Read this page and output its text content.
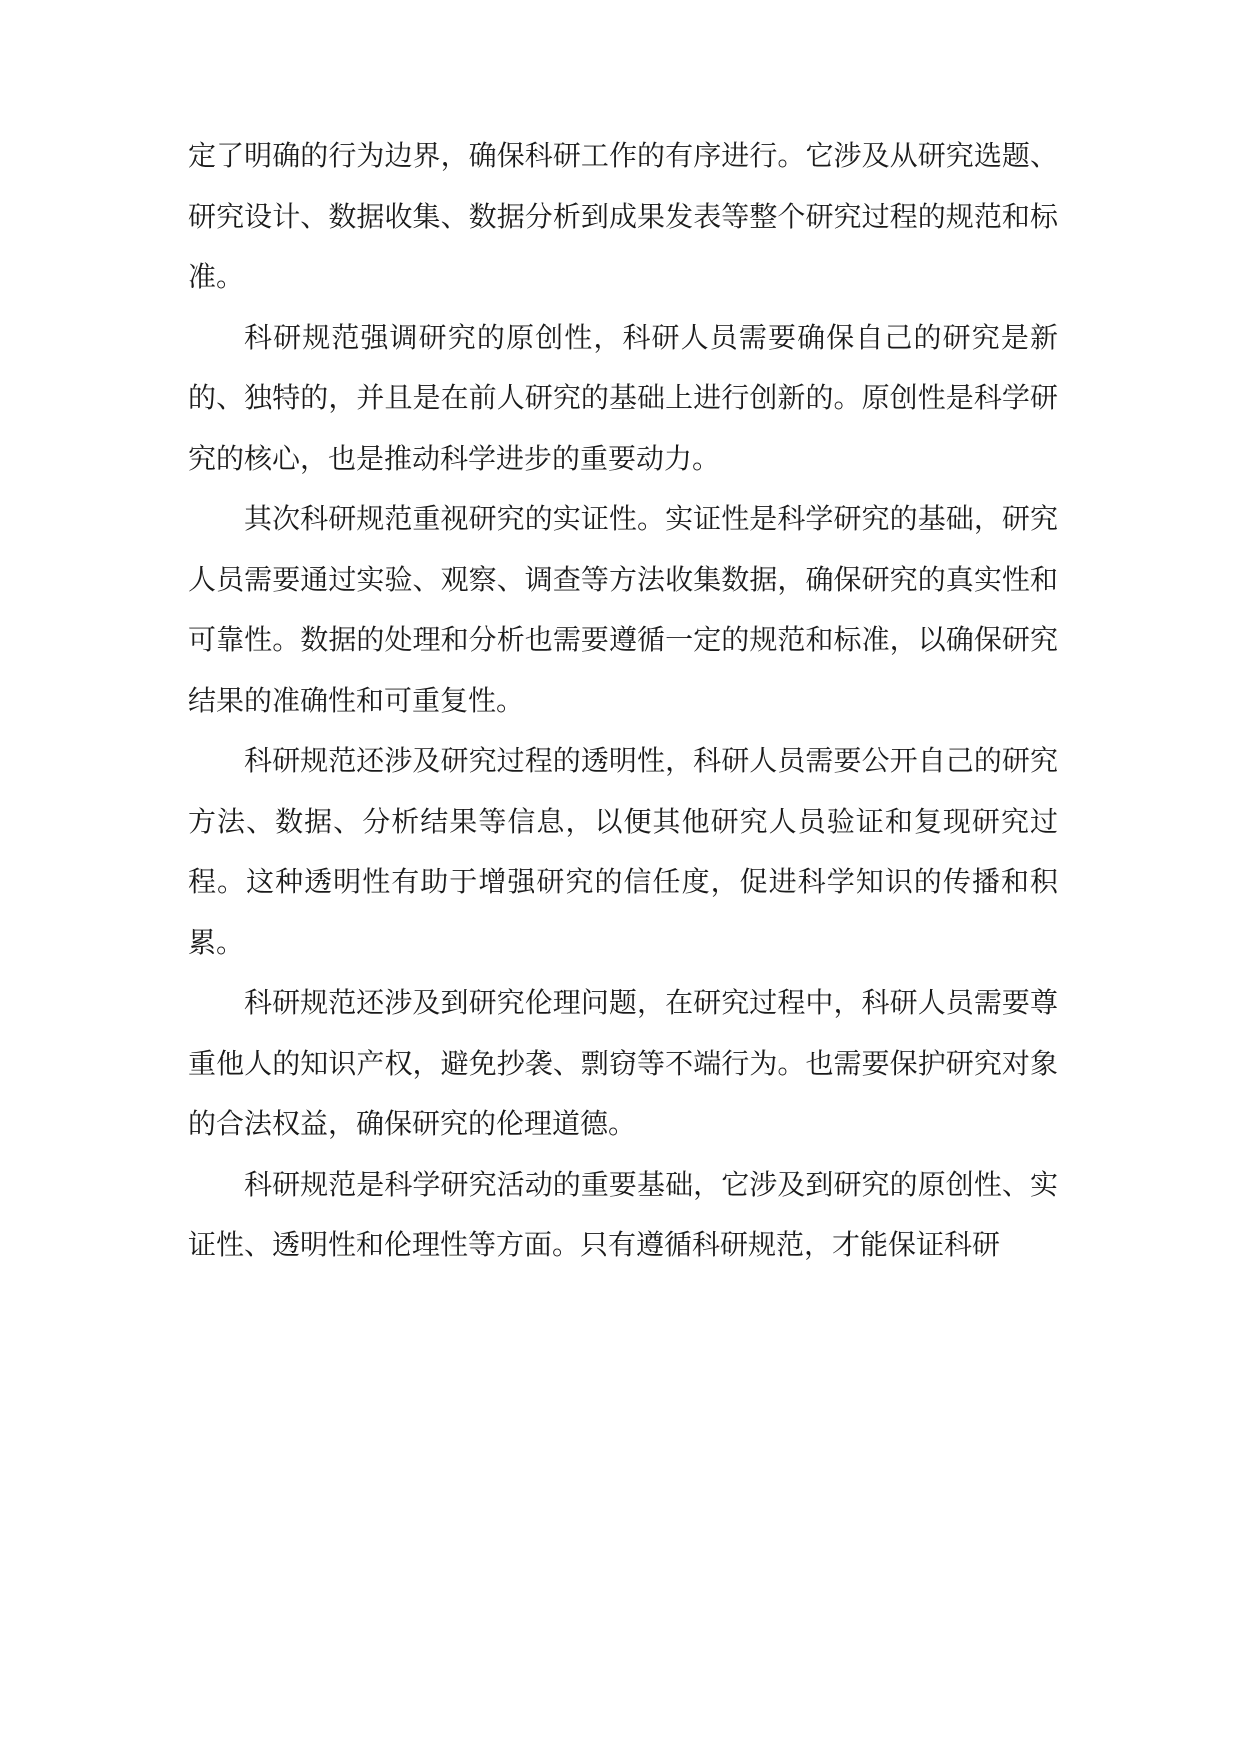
定了明确的行为边界，确保科研工作的有序进行。它涉及从研究选题、研究设计、数据收集、数据分析到成果发表等整个研究过程的规范和标准。

科研规范强调研究的原创性，科研人员需要确保自己的研究是新的、独特的，并且是在前人研究的基础上进行创新的。原创性是科学研究的核心，也是推动科学进步的重要动力。

其次科研规范重视研究的实证性。实证性是科学研究的基础，研究人员需要通过实验、观察、调查等方法收集数据，确保研究的真实性和可靠性。数据的处理和分析也需要遵循一定的规范和标准，以确保研究结果的准确性和可重复性。

科研规范还涉及研究过程的透明性，科研人员需要公开自己的研究方法、数据、分析结果等信息，以便其他研究人员验证和复现研究过程。这种透明性有助于增强研究的信任度，促进科学知识的传播和积累。

科研规范还涉及到研究伦理问题，在研究过程中，科研人员需要尊重他人的知识产权，避免抄袭、剽窃等不端行为。也需要保护研究对象的合法权益，确保研究的伦理道德。

科研规范是科学研究活动的重要基础，它涉及到研究的原创性、实证性、透明性和伦理性等方面。只有遵循科研规范，才能保证科研
